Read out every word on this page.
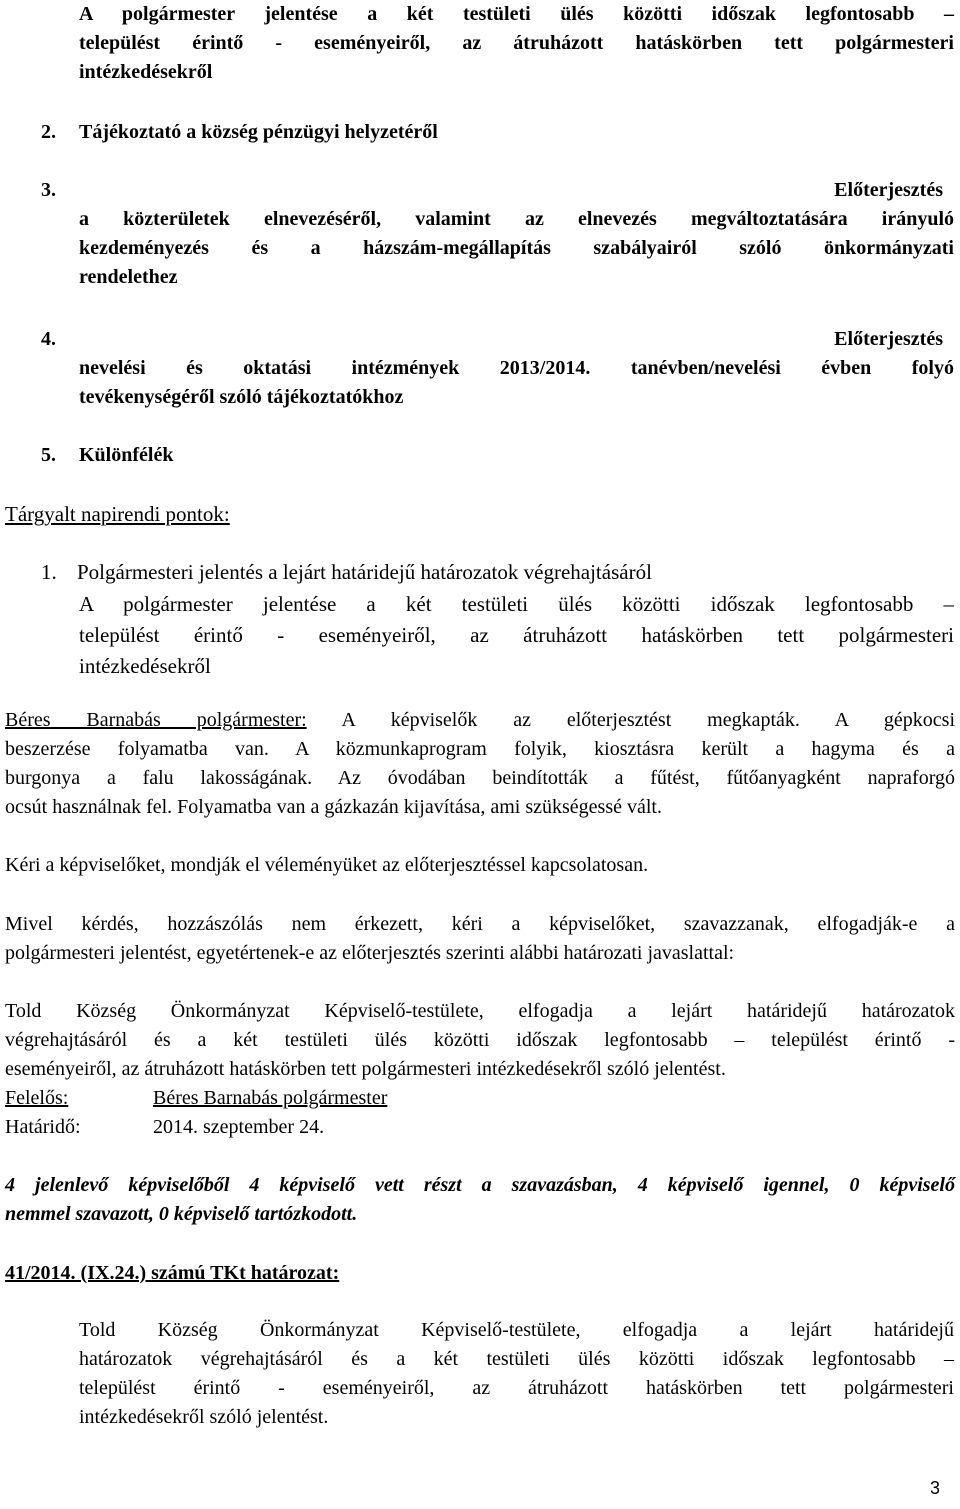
A polgármester jelentése a két testületi ülés közötti időszak legfontosabb –
települést érintő - eseményeiről, az átruházott hatáskörben tett polgármesteri
intézkedésekről
2. Tájékoztató a község pénzügyi helyzetéről
3.	Előterjesztés
a közterületek elnevezéséről, valamint az elnevezés megváltoztatására irányuló
kezdeményezés és a házszám-megállapítás szabályairól szóló önkormányzati
rendelethez
4.	Előterjesztés
nevelési és oktatási intézmények 2013/2014. tanévben/nevelési évben folyó
tevékenységéről szóló tájékoztatókhoz
5. Különfélék
Tárgyalt napirendi pontok:
1. Polgármesteri jelentés a lejárt határidejű határozatok végrehajtásáról
A polgármester jelentése a két testületi ülés közötti időszak legfontosabb –
települést érintő - eseményeiről, az átruházott hatáskörben tett polgármesteri
intézkedésekről
Béres Barnabás polgármester: A képviselők az előterjesztést megkapták. A gépkocsi
beszerzése folyamatba van. A közmunkaprogram folyik, kiosztásra került a hagyma és a
burgonya a falu lakosságának. Az óvodában beindították a fűtést, fűtőanyagként napraforgó
ocsút használnak fel. Folyamatba van a gázkazán kijavítása, ami szükségessé vált.
Kéri a képviselőket, mondják el véleményüket az előterjesztéssel kapcsolatosan.
Mivel kérdés, hozzászólás nem érkezett, kéri a képviselőket, szavazzanak, elfogadják-e a
polgármesteri jelentést, egyetértenek-e az előterjesztés szerinti alábbi határozati javaslattal:
Told Község Önkormányzat Képviselő-testülete, elfogadja a lejárt határidejű határozatok
végrehajtásáról és a két testületi ülés közötti időszak legfontosabb – települést érintő -
eseményeiről, az átruházott hatáskörben tett polgármesteri intézkedésekről szóló jelentést.
Felelős:	Béres Barnabás polgármester
Határidő:	2014. szeptember 24.
4 jelenlevő képviselőből 4 képviselő vett részt a szavazásban, 4 képviselő igennel, 0 képviselő
nemmel szavazott, 0 képviselő tartózkodott.
41/2014. (IX.24.) számú TKt határozat:
Told Község Önkormányzat Képviselő-testülete, elfogadja a lejárt határidejű
határozatok végrehajtásáról és a két testületi ülés közötti időszak legfontosabb –
települést érintő - eseményeiről, az átruházott hatáskörben tett polgármesteri
intézkedésekről szóló jelentést.
3
